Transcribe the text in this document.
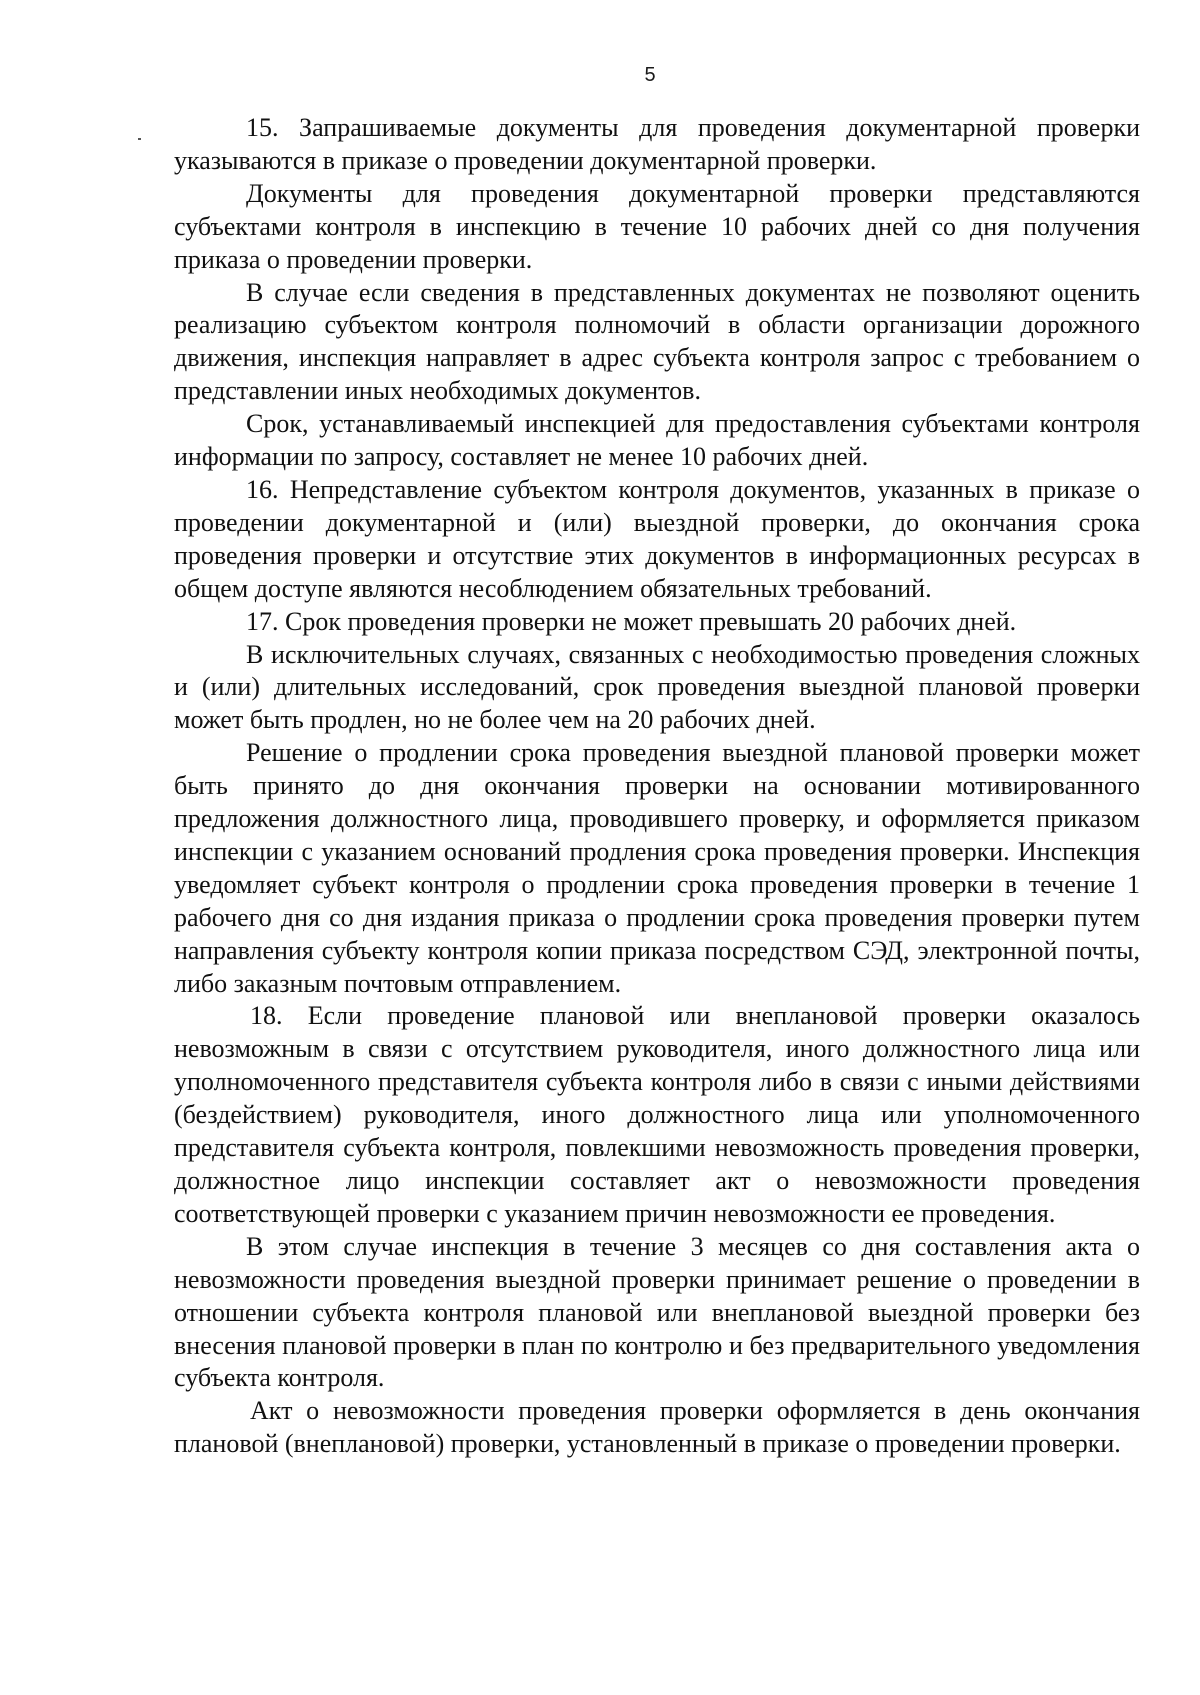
5

15. Запрашиваемые документы для проведения документарной проверки указываются в приказе о проведении документарной проверки.

Документы для проведения документарной проверки представляются субъектами контроля в инспекцию в течение 10 рабочих дней со дня получения приказа о проведении проверки.

В случае если сведения в представленных документах не позволяют оценить реализацию субъектом контроля полномочий в области организации дорожного движения, инспекция направляет в адрес субъекта контроля запрос с требованием о представлении иных необходимых документов.

Срок, устанавливаемый инспекцией для предоставления субъектами контроля информации по запросу, составляет не менее 10 рабочих дней.

16. Непредставление субъектом контроля документов, указанных в приказе о проведении документарной и (или) выездной проверки, до окончания срока проведения проверки и отсутствие этих документов в информационных ресурсах в общем доступе являются несоблюдением обязательных требований.

17. Срок проведения проверки не может превышать 20 рабочих дней.

В исключительных случаях, связанных с необходимостью проведения сложных и (или) длительных исследований, срок проведения выездной плановой проверки может быть продлен, но не более чем на 20 рабочих дней.

Решение о продлении срока проведения выездной плановой проверки может быть принято до дня окончания проверки на основании мотивированного предложения должностного лица, проводившего проверку, и оформляется приказом инспекции с указанием оснований продления срока проведения проверки. Инспекция уведомляет субъект контроля о продлении срока проведения проверки в течение 1 рабочего дня со дня издания приказа о продлении срока проведения проверки путем направления субъекту контроля копии приказа посредством СЭД, электронной почты, либо заказным почтовым отправлением.

18. Если проведение плановой или внеплановой проверки оказалось невозможным в связи с отсутствием руководителя, иного должностного лица или уполномоченного представителя субъекта контроля либо в связи с иными действиями (бездействием) руководителя, иного должностного лица или уполномоченного представителя субъекта контроля, повлекшими невозможность проведения проверки, должностное лицо инспекции составляет акт о невозможности проведения соответствующей проверки с указанием причин невозможности ее проведения.

В этом случае инспекция в течение 3 месяцев со дня составления акта о невозможности проведения выездной проверки принимает решение о проведении в отношении субъекта контроля плановой или внеплановой выездной проверки без внесения плановой проверки в план по контролю и без предварительного уведомления субъекта контроля.

Акт о невозможности проведения проверки оформляется в день окончания плановой (внеплановой) проверки, установленный в приказе о проведении проверки.
